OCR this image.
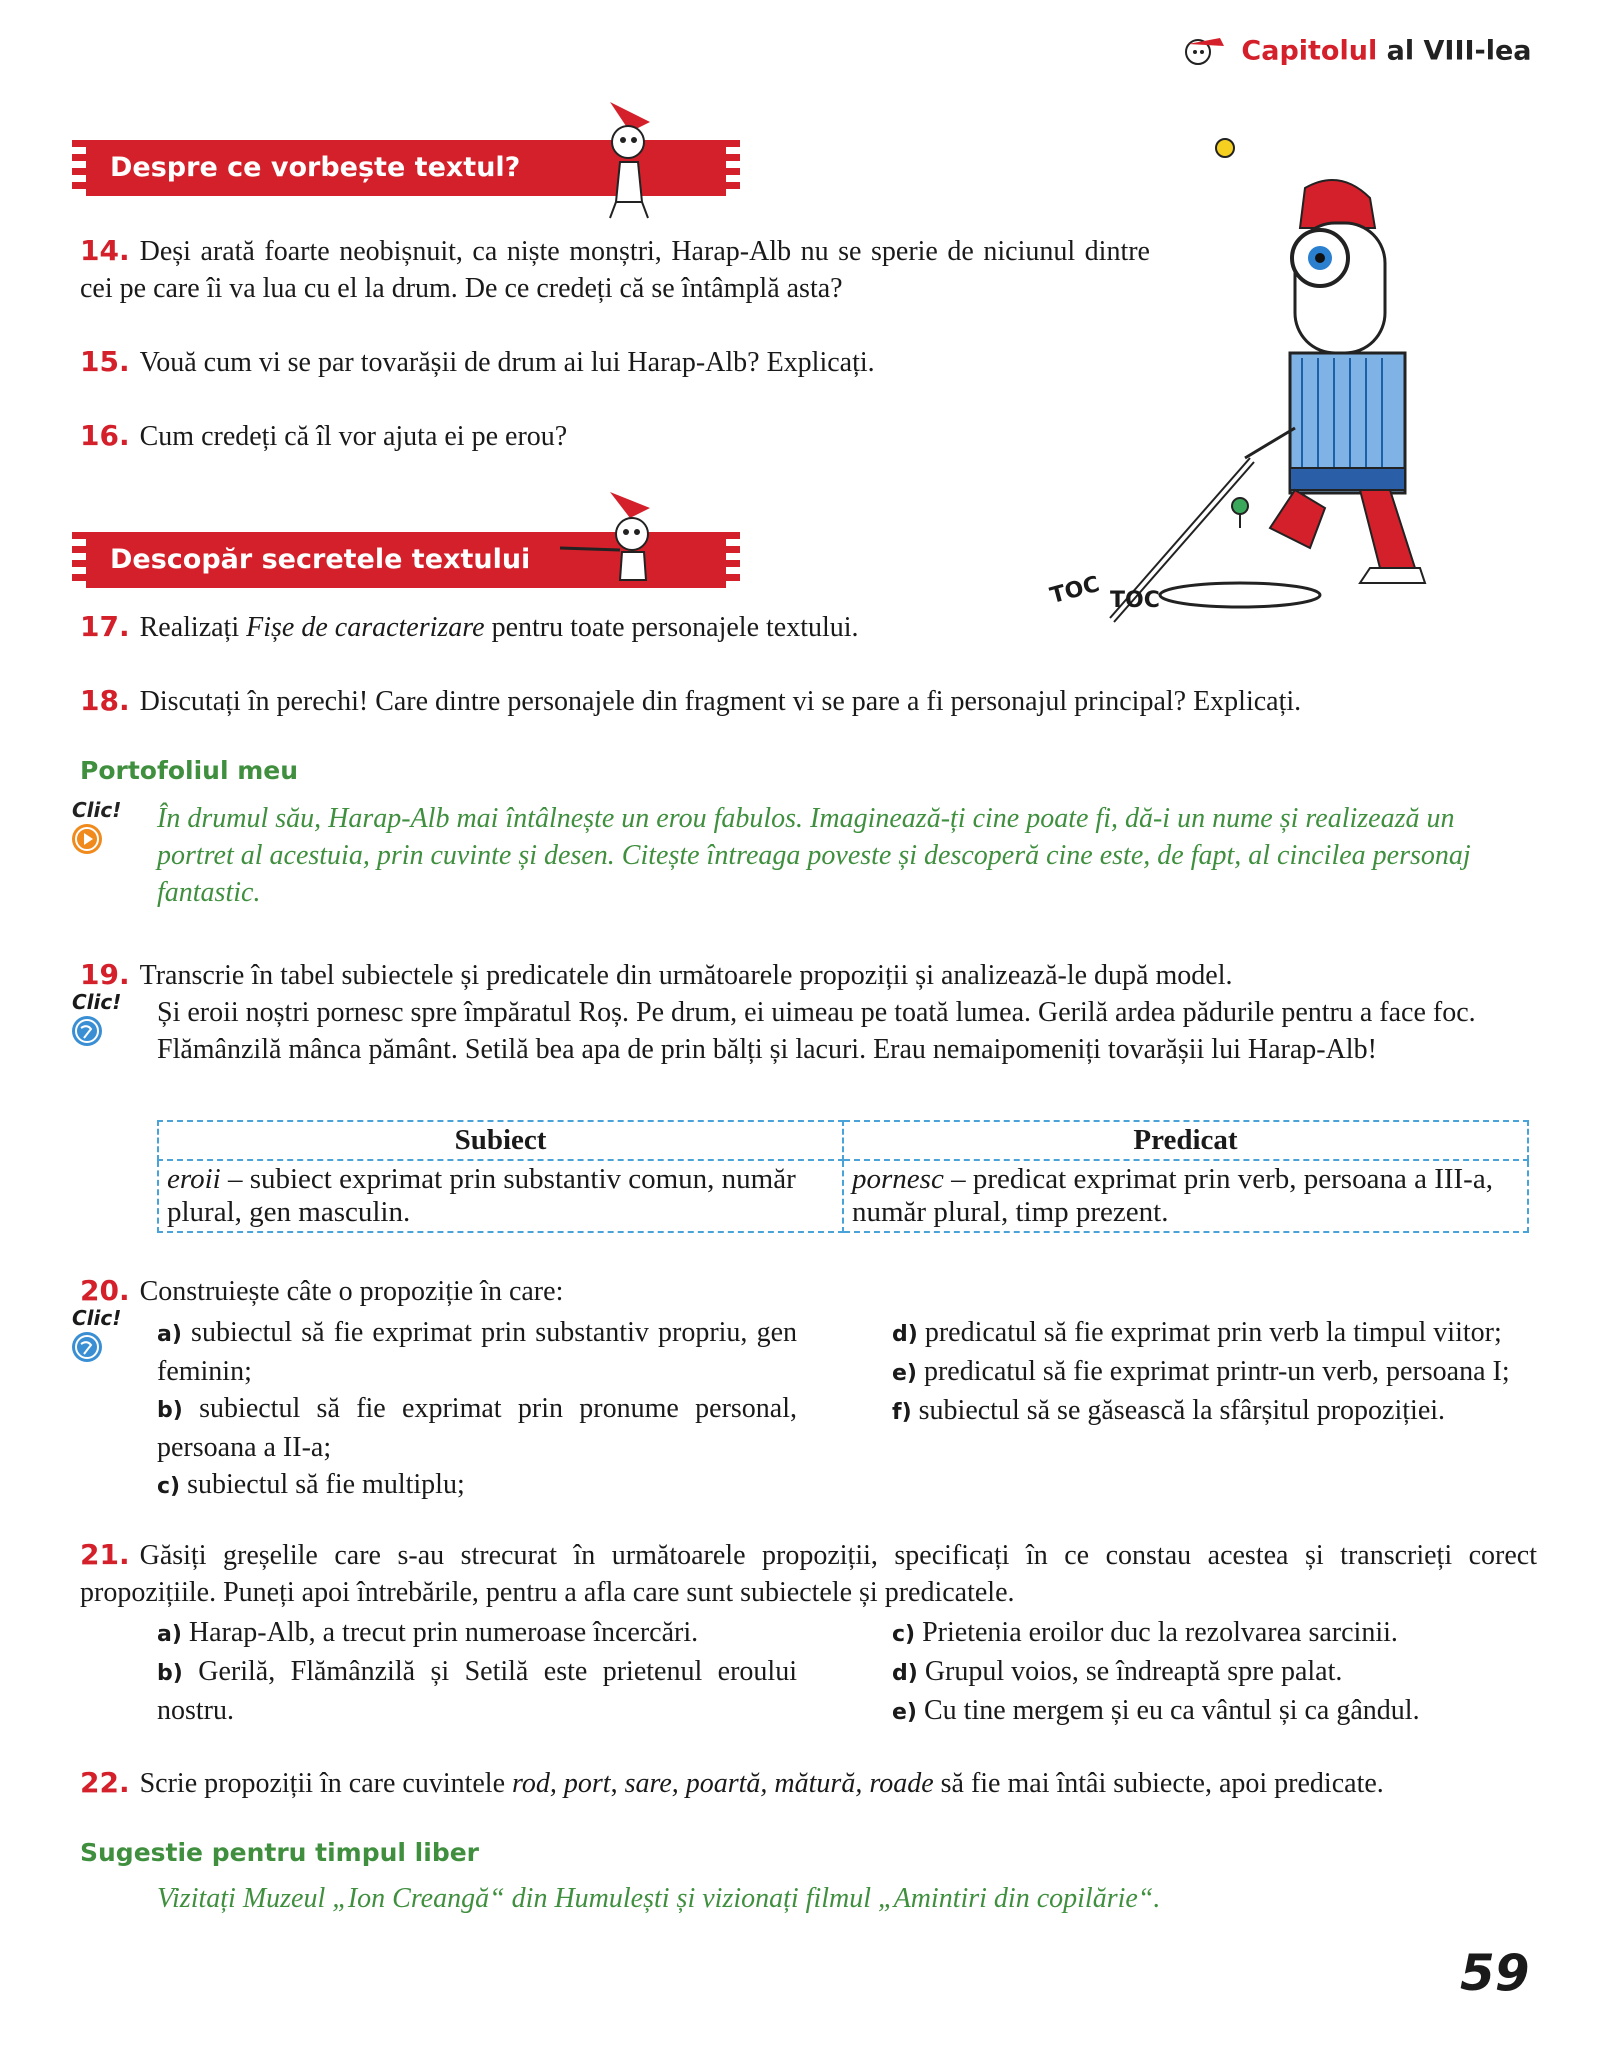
Capitolul al VIII-lea
Despre ce vorbește textul?
TOC TOC
14. Deși arată foarte neobișnuit, ca niște monștri, Harap-Alb nu se sperie de niciunul dintre cei pe care îi va lua cu el la drum. De ce credeți că se întâmplă asta?
15. Vouă cum vi se par tovarășii de drum ai lui Harap-Alb? Explicați.
16. Cum credeți că îl vor ajuta ei pe erou?
Descopăr secretele textului
17. Realizați Fișe de caracterizare pentru toate personajele textului.
18. Discutați în perechi! Care dintre personajele din fragment vi se pare a fi personajul principal? Explicați.
Portofoliul meu
Clic! În drumul său, Harap-Alb mai întâlnește un erou fabulos. Imaginează-ți cine poate fi, dă-i un nume și realizează un portret al acestuia, prin cuvinte și desen. Citește întreaga poveste și descoperă cine este, de fapt, al cincilea personaj fantastic.
19. Transcrie în tabel subiectele și predicatele din următoarele propoziții și analizează-le după model.
Clic! Și eroii noștri pornesc spre împăratul Roș. Pe drum, ei uimeau pe toată lumea. Gerilă ardea pădurile pentru a face foc. Flămânzilă mânca pământ. Setilă bea apa de prin bălți și lacuri. Erau nemaipomeniți tovarășii lui Harap-Alb!
Subiect	Predicat
eroii – subiect exprimat prin substantiv comun, număr plural, gen masculin.	pornesc – predicat exprimat prin verb, persoana a III-a, număr plural, timp prezent.
20. Construiește câte o propoziție în care:
Clic!
a) subiectul să fie exprimat prin substantiv propriu, gen feminin;
b) subiectul să fie exprimat prin pronume personal, persoana a II-a;
c) subiectul să fie multiplu;
d) predicatul să fie exprimat prin verb la timpul viitor;
e) predicatul să fie exprimat printr-un verb, persoana I;
f) subiectul să se găsească la sfârșitul propoziției.
21. Găsiți greșelile care s-au strecurat în următoarele propoziții, specificați în ce constau acestea și transcrieți corect propozițiile. Puneți apoi întrebările, pentru a afla care sunt subiectele și predicatele.
a) Harap-Alb, a trecut prin numeroase încercări.
b) Gerilă, Flămânzilă și Setilă este prietenul eroului nostru.
c) Prietenia eroilor duc la rezolvarea sarcinii.
d) Grupul voios, se îndreaptă spre palat.
e) Cu tine mergem și eu ca vântul și ca gândul.
22. Scrie propoziții în care cuvintele rod, port, sare, poartă, mătură, roade să fie mai întâi subiecte, apoi predicate.
Sugestie pentru timpul liber
Vizitați Muzeul „Ion Creangă“ din Humulești și vizionați filmul „Amintiri din copilărie“.
59
